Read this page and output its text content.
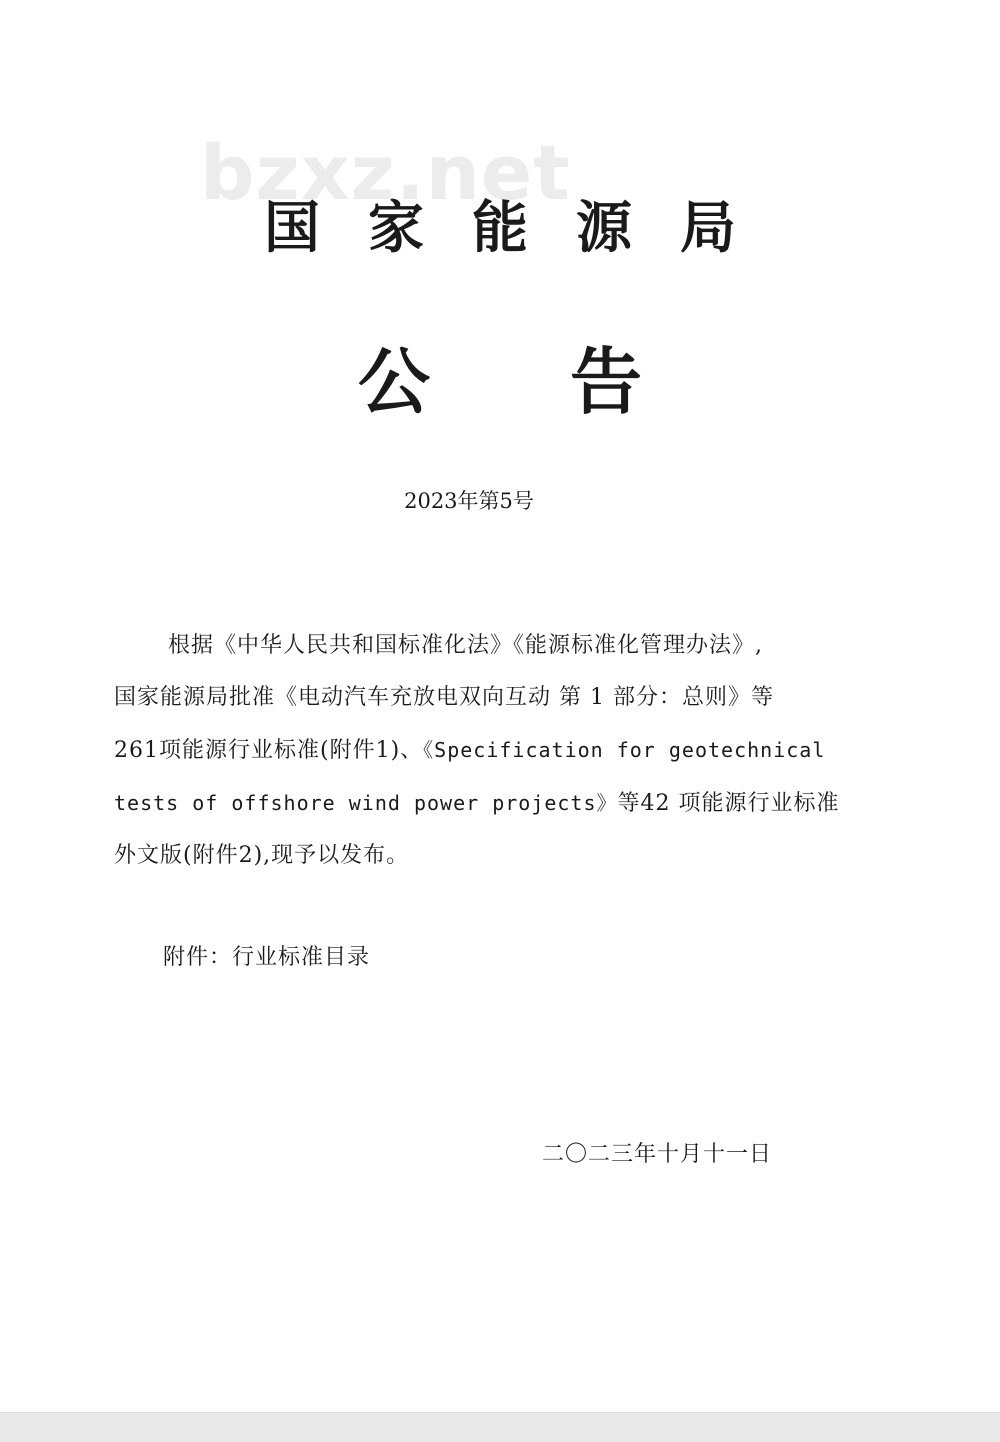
bzxz.net
国家能源局
公告
2023年第5号
根据《中华人民共和国标准化法》《能源标准化管理办法》,
国家能源局批准《电动汽车充放电双向互动 第 1 部分：总则》等
261项能源行业标准(附件1)、《Specification for geotechnical
tests of offshore wind power projects》等42 项能源行业标准
外文版(附件2),现予以发布。
附件：行业标准目录
二〇二三年十月十一日
